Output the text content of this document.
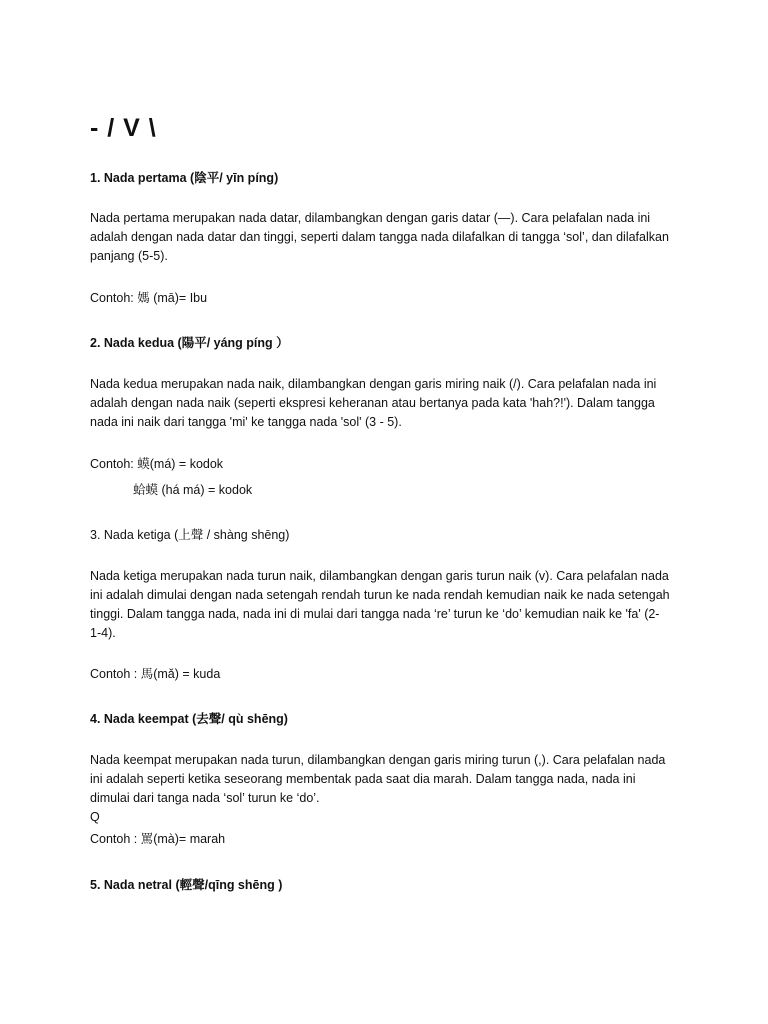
- / V \
1. Nada pertama (陰平/ yīn píng)
Nada pertama merupakan nada datar, dilambangkan dengan garis datar (—). Cara pelafalan nada ini
adalah dengan nada datar dan tinggi, seperti dalam tangga nada dilafalkan di tangga ‘sol’, dan dilafalkan
panjang (5-5).
Contoh: 媽 (mā)= Ibu
2. Nada kedua (陽平/ yáng píng ）
Nada kedua merupakan nada naik, dilambangkan dengan garis miring naik (/). Cara pelafalan nada ini
adalah dengan nada naik (seperti ekspresi keheranan atau bertanya pada kata 'hah?!'). Dalam tangga
nada ini naik dari tangga 'mi' ke tangga nada 'sol' (3 - 5).
Contoh: 蟆(má) = kodok
蛤蟆 (há má) = kodok
3. Nada ketiga (上聲 / shàng shēng)
Nada ketiga merupakan nada turun naik, dilambangkan dengan garis turun naik (v). Cara pelafalan nada
ini adalah dimulai dengan nada setengah rendah turun ke nada rendah kemudian naik ke nada setengah
tinggi. Dalam tangga nada, nada ini di mulai dari tangga nada ‘re’ turun ke ‘do’ kemudian naik ke 'fa' (2-
1-4).
Contoh : 馬(mǎ) = kuda
4. Nada keempat (去聲/ qù shēng)
Nada keempat merupakan nada turun, dilambangkan dengan garis miring turun (,). Cara pelafalan nada
ini adalah seperti ketika seseorang membentak pada saat dia marah. Dalam tangga nada, nada ini
dimulai dari tanga nada ‘sol’ turun ke ‘do’.
Q
Contoh : 罵(mà)= marah
5. Nada netral (輕聲/qīng shēng )
